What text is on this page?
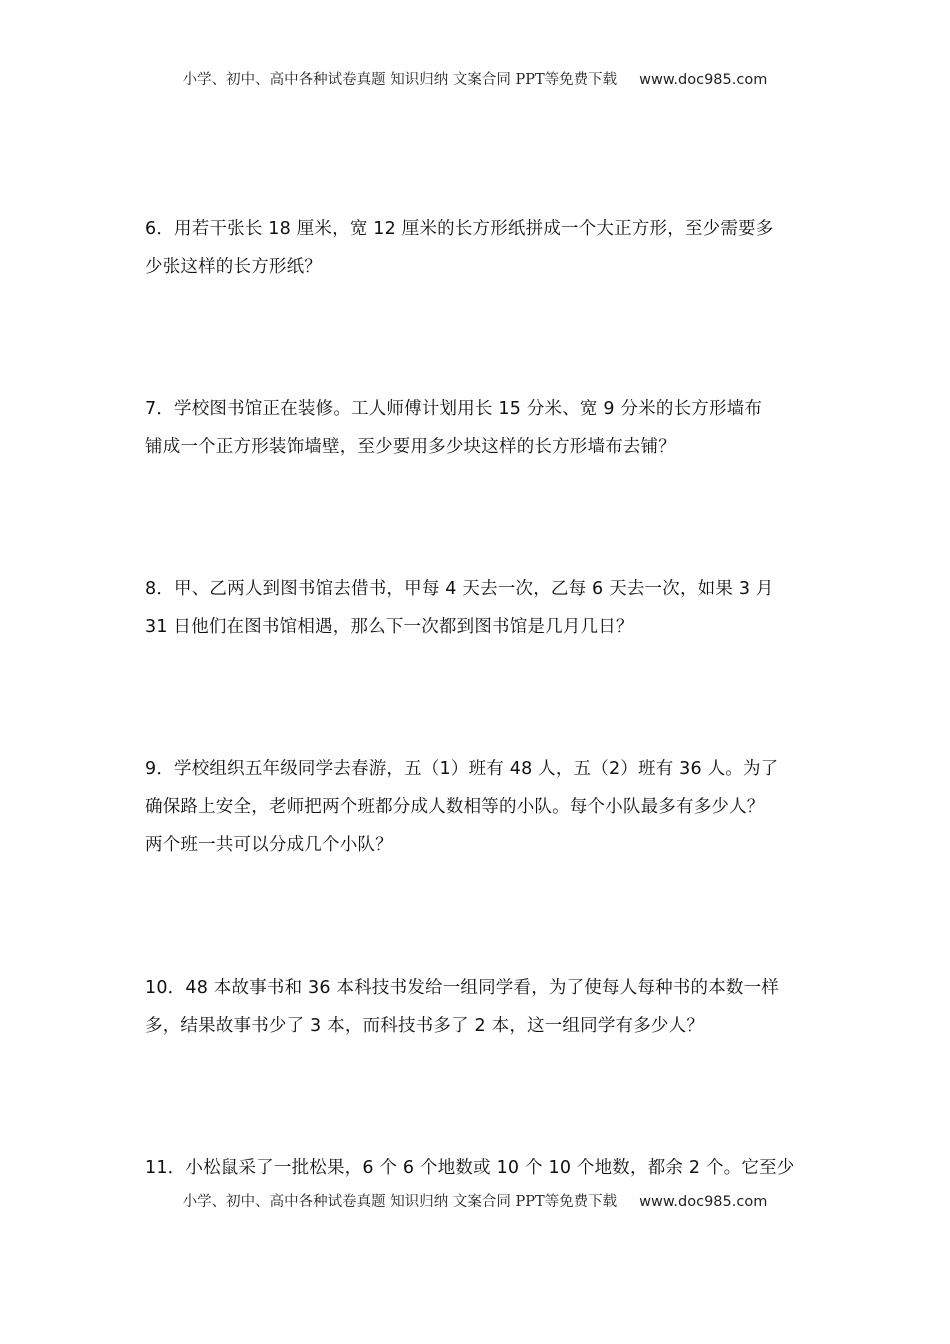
小学、初中、高中各种试卷真题 知识归纳 文案合同 PPT等免费下载 www.doc985.com
6．用若干张长 18 厘米，宽 12 厘米的长方形纸拼成一个大正方形，至少需要多
少张这样的长方形纸？
7．学校图书馆正在装修。工人师傅计划用长 15 分米、宽 9 分米的长方形墙布
铺成一个正方形装饰墙壁，至少要用多少块这样的长方形墙布去铺？
8．甲、乙两人到图书馆去借书，甲每 4 天去一次，乙每 6 天去一次，如果 3 月
31 日他们在图书馆相遇，那么下一次都到图书馆是几月几日？
9．学校组织五年级同学去春游，五（1）班有 48 人，五（2）班有 36 人。为了
确保路上安全，老师把两个班都分成人数相等的小队。每个小队最多有多少人？
两个班一共可以分成几个小队？
10．48 本故事书和 36 本科技书发给一组同学看，为了使每人每种书的本数一样
多，结果故事书少了 3 本，而科技书多了 2 本，这一组同学有多少人？
11．小松鼠采了一批松果，6 个 6 个地数或 10 个 10 个地数，都余 2 个。它至少
小学、初中、高中各种试卷真题 知识归纳 文案合同 PPT等免费下载 www.doc985.com
